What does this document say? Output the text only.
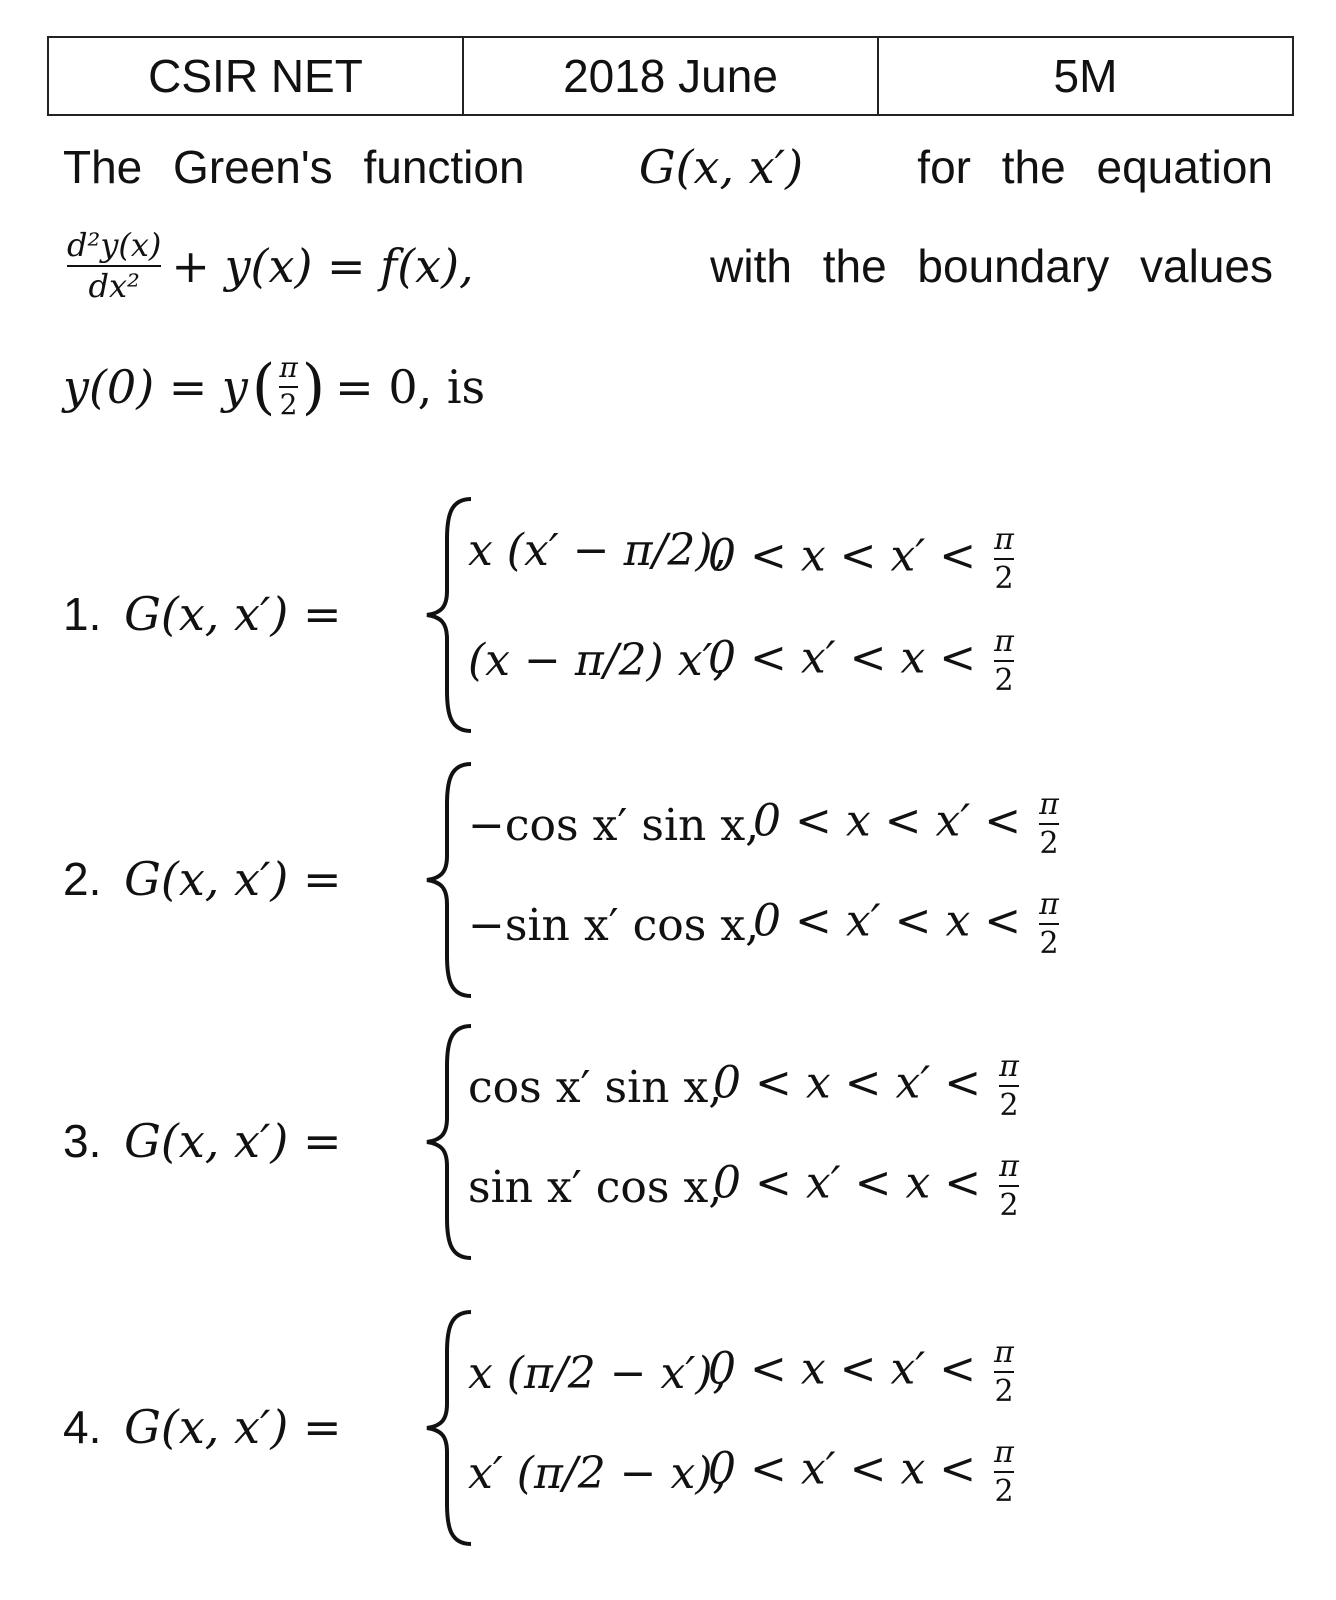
CSIR NET	2018 June	5M
The Green's function G(x, x′) for the equation
$\frac{\text{d²y(x)}}{\text{dx²}} + y(x) = f(x)$,	with the boundary values
y(0) = y ( $\frac{\pi}{2}$ ) = 0, is
1. G(x, x′) =
x (x′ − π/2),
$0 < x < x' < \frac{\pi}{2}$
(x − π/2) x′,
$0 < x' < x < \frac{\pi}{2}$
2. G(x, x′) =
−cos x′ sin x,
$0 < x < x' < \frac{\pi}{2}$
−sin x′ cos x,
$0 < x' < x < \frac{\pi}{2}$
3. G(x, x′) =
cos x′ sin x,
$0 < x < x' < \frac{\pi}{2}$
sin x′ cos x,
$0 < x' < x < \frac{\pi}{2}$
4. G(x, x′) =
x (π/2 − x′),
$0 < x < x' < \frac{\pi}{2}$
x′ (π/2 − x),
$0 < x' < x < \frac{\pi}{2}$
